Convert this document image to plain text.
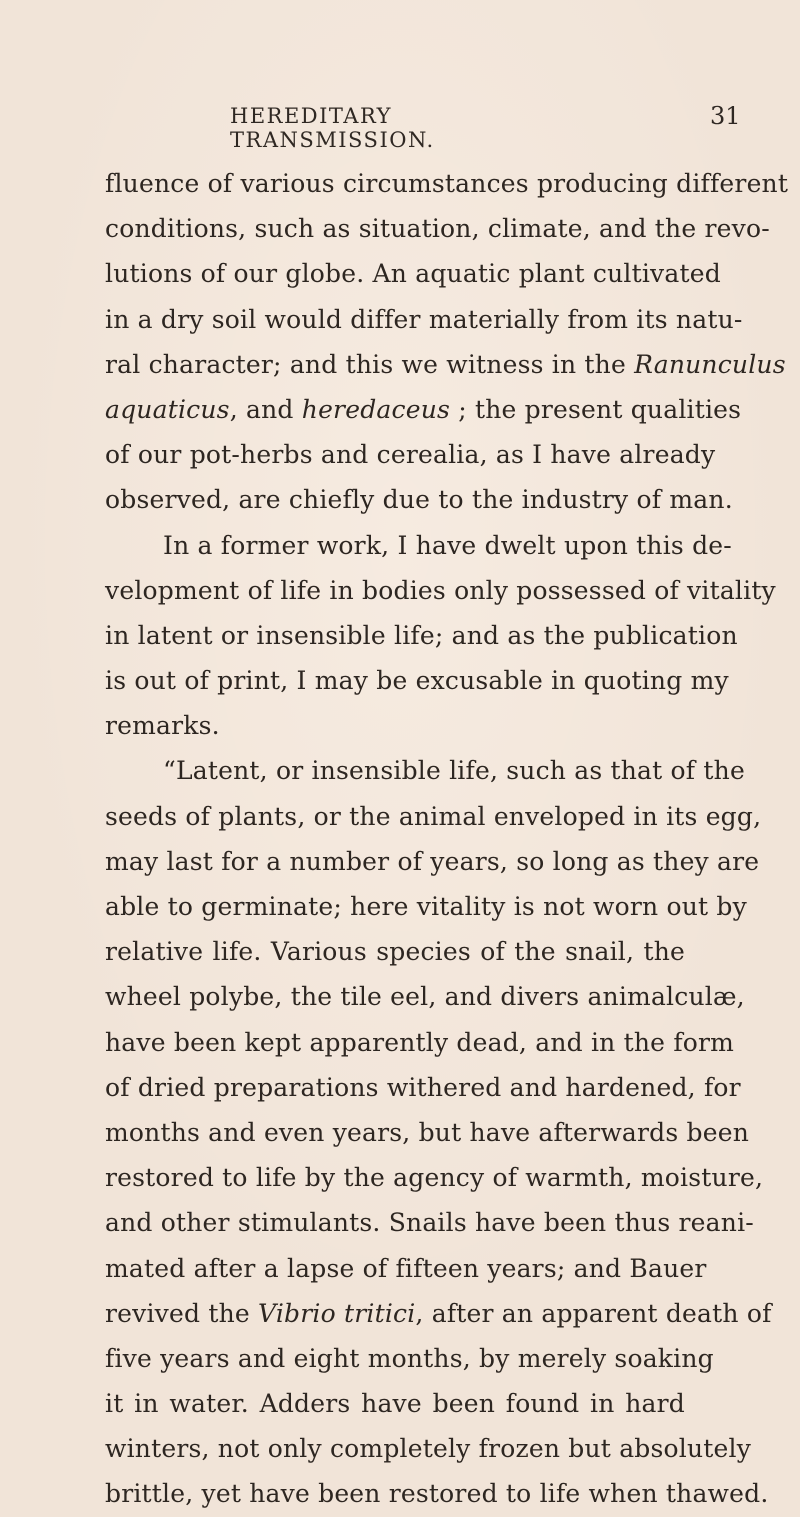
HEREDITARY TRANSMISSION.
31
fluence of various circumstances producing different
conditions, such as situation, climate, and the revo-
lutions of our globe. An aquatic plant cultivated
in a dry soil would differ materially from its natu-
ral character; and this we witness in the Ranunculus
aquaticus, and heredaceus ; the present qualities
of our pot-herbs and cerealia, as I have already
observed, are chiefly due to the industry of man.
In a former work, I have dwelt upon this de-
velopment of life in bodies only possessed of vitality
in latent or insensible life; and as the publication
is out of print, I may be excusable in quoting my
remarks.
“Latent, or insensible life, such as that of the
seeds of plants, or the animal enveloped in its egg,
may last for a number of years, so long as they are
able to germinate; here vitality is not worn out by
relative life. Various species of the snail, the
wheel polybe, the tile eel, and divers animalculæ,
have been kept apparently dead, and in the form
of dried preparations withered and hardened, for
months and even years, but have afterwards been
restored to life by the agency of warmth, moisture,
and other stimulants. Snails have been thus reani-
mated after a lapse of fifteen years; and Bauer
revived the Vibrio tritici, after an apparent death of
five years and eight months, by merely soaking
it in water. Adders have been found in hard
winters, not only completely frozen but absolutely
brittle, yet have been restored to life when thawed.
